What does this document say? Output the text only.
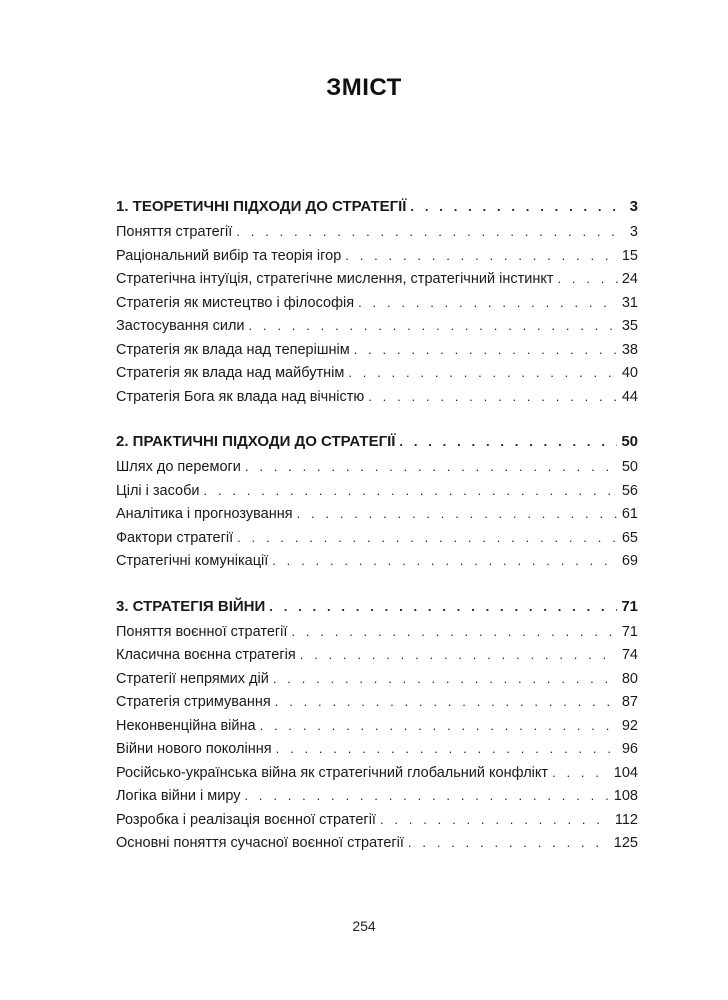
ЗМІСТ
1. ТЕОРЕТИЧНІ ПІДХОДИ ДО СТРАТЕГІЇ . . .	3
Поняття стратегії . . .	3
Раціональний вибір та теорія ігор . . .	15
Стратегічна інтуїція, стратегічне мислення, стратегічний інстинкт . . .	24
Стратегія як мистецтво і філософія . . .	31
Застосування сили . . .	35
Стратегія як влада над теперішнім . . .	38
Стратегія як влада над майбутнім . . .	40
Стратегія Бога як влада над вічністю . . .	44
2. ПРАКТИЧНІ ПІДХОДИ ДО СТРАТЕГІЇ . . .	50
Шлях до перемоги . . .	50
Цілі і засоби . . .	56
Аналітика і прогнозування . . .	61
Фактори стратегії . . .	65
Стратегічні комунікації . . .	69
3. СТРАТЕГІЯ ВІЙНИ . . .	71
Поняття воєнної стратегії . . .	71
Класична воєнна стратегія . . .	74
Стратегії непрямих дій . . .	80
Стратегія стримування . . .	87
Неконвенційна війна . . .	92
Війни нового покоління . . .	96
Російсько-українська війна як стратегічний глобальний конфлікт . . .	104
Логіка війни і миру . . .	108
Розробка і реалізація воєнної стратегії . . .	112
Основні поняття сучасної воєнної стратегії . . .	125
254
